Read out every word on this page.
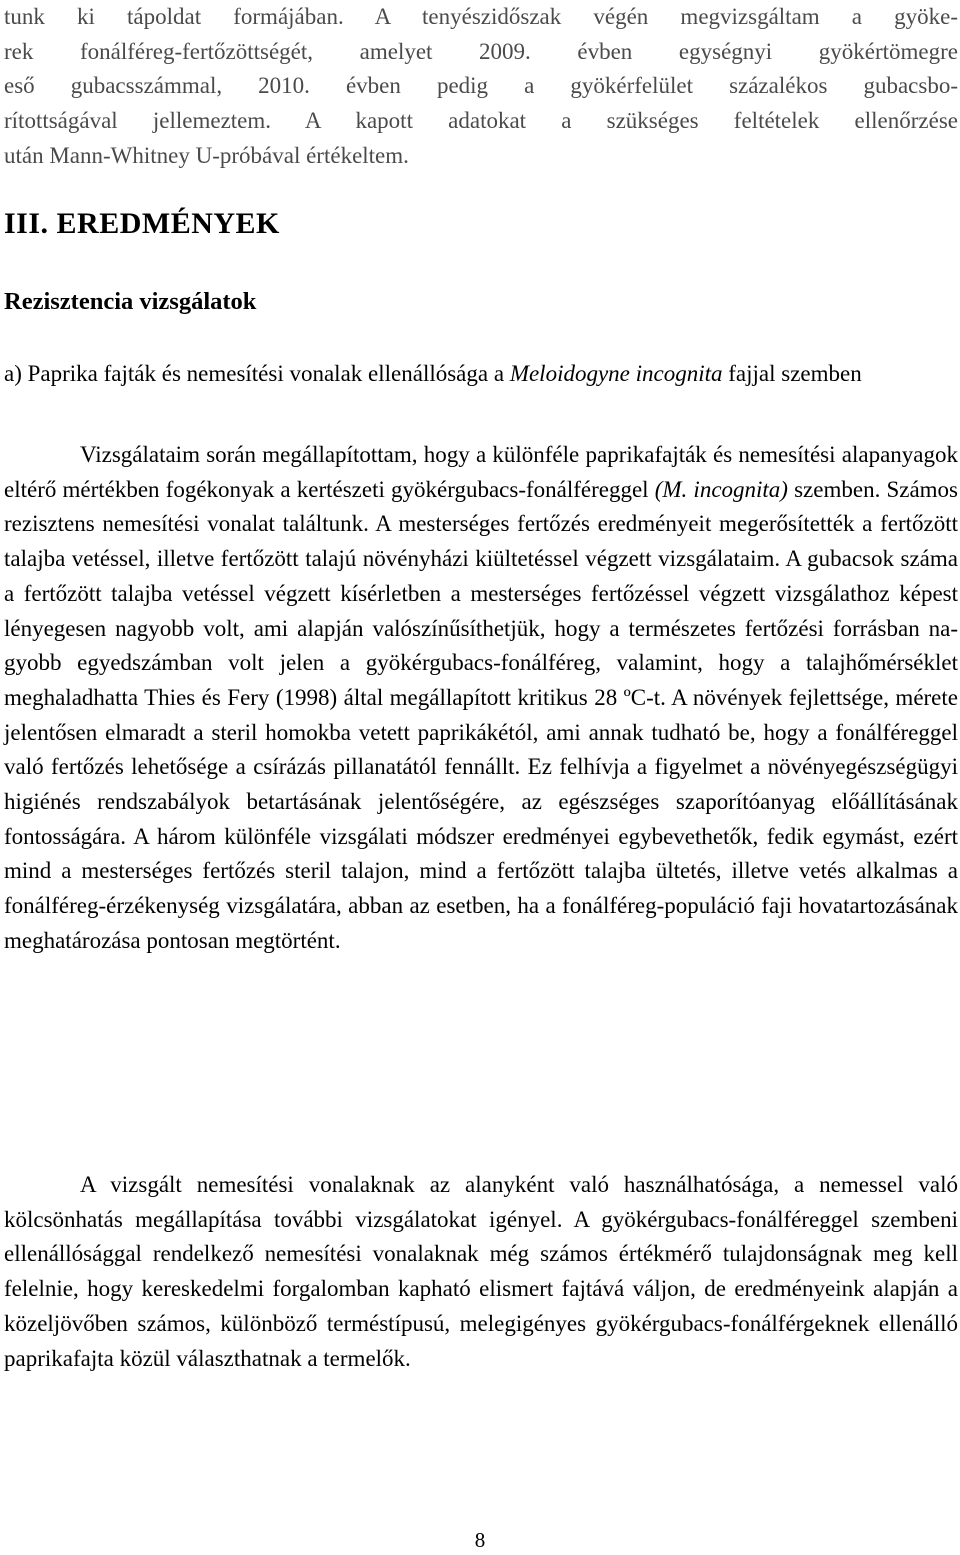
tunk ki tápoldat formájában. A tenyészidőszak végén megvizsgáltam a gyöke-
rek fonálféreg-fertőzöttségét, amelyet 2009. évben egységnyi gyökértömegre
eső gubacsszámmal, 2010. évben pedig a gyökérfelület százalékos gubacsbo-
rítottságával jellemeztem. A kapott adatokat a szükséges feltételek ellenőrzése
után Mann-Whitney U-próbával értékeltem.
III. EREDMÉNYEK
Rezisztencia vizsgálatok
a) Paprika fajták és nemesítési vonalak ellenállósága a Meloidogyne incognita fajjal szemben
Vizsgálataim során megállapítottam, hogy a különféle paprikafajták és nemesítési alapanyagok eltérő mértékben fogékonyak a kertészeti gyökérgubacs-fonálféreggel (M. incognita) szemben. Számos rezisztens nemesítési vonalat találtunk. A mesterséges fertőzés eredményeit megerősítették a fertőzött talajba vetéssel, illetve fertőzött talajú növényházi kiültetéssel végzett vizsgálataim. A gubacsok száma a fertőzött talajba vetéssel végzett kísérletben a mesterséges fertőzéssel végzett vizsgálathoz képest lényegesen nagyobb volt, ami alapján valószínűsíthetjük, hogy a természetes fertőzési forrásban nagyobb egyedszámban volt jelen a gyökérgubacs-fonálféreg, valamint, hogy a talajhőmérséklet meghaladhatta Thies és Fery (1998) által megállapított kritikus 28 ºC-t. A növények fejlettsége, mérete jelentősen elmaradt a steril homokba vetett paprikákétól, ami annak tudható be, hogy a fonálféreggel való fertőzés lehetősége a csírázás pillanatától fennállt. Ez felhívja a figyelmet a növényegészségügyi higiénés rendszabályok betartásának jelentőségére, az egészséges szaporítóanyag előállításának fontosságára. A három különféle vizsgálati módszer eredményei egybevethetők, fedik egymást, ezért mind a mesterséges fertőzés steril talajon, mind a fertőzött talajba ültetés, illetve vetés alkalmas a fonálféreg-érzékenység vizsgálatára, abban az esetben, ha a fonálféreg-populáció faji hovatartozásának meghatározása pontosan megtörtént.
A vizsgált nemesítési vonalaknak az alanyként való használhatósága, a nemessel való kölcsönhatás megállapítása további vizsgálatokat igényel. A gyökérgubacs-fonálféreggel szembeni ellenállósággal rendelkező nemesítési vonalaknak még számos értékmérő tulajdonságnak meg kell felelnie, hogy kereskedelmi forgalomban kapható elismert fajtává váljon, de eredményeink alapján a közeljövőben számos, különböző terméstípusú, melegigényes gyökérgubacs-fonálférgeknek ellenálló paprikafajta közül választhatnak a termelők.
8
